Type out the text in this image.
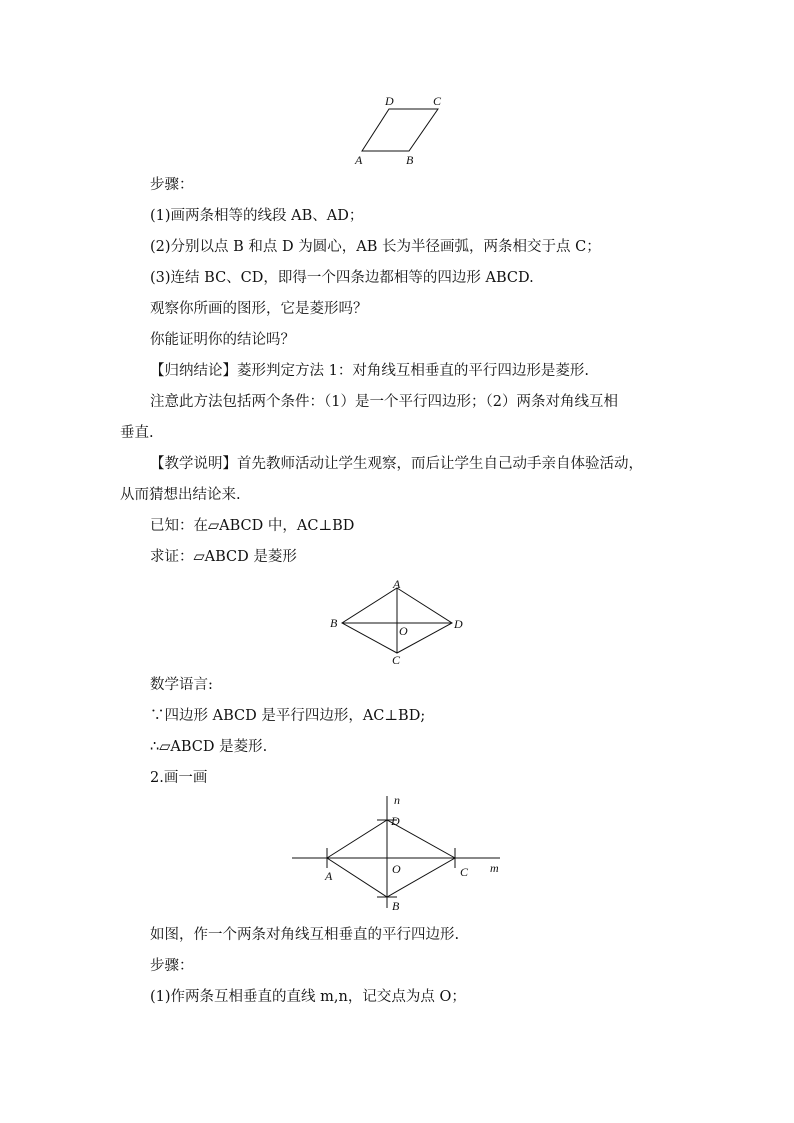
D	C
A	B
步骤：
(1)画两条相等的线段 AB、AD；
(2)分别以点 B 和点 D 为圆心，AB 长为半径画弧，两条相交于点 C；
(3)连结 BC、CD，即得一个四条边都相等的四边形 ABCD.
观察你所画的图形，它是菱形吗？
你能证明你的结论吗？
【归纳结论】菱形判定方法 1：对角线互相垂直的平行四边形是菱形.
注意此方法包括两个条件：（1）是一个平行四边形；（2）两条对角线互相
垂直.
【教学说明】首先教师活动让学生观察，而后让学生自己动手亲自体验活动，
从而猜想出结论来.
已知：在▱ABCD 中，AC⊥BD
求证：▱ABCD 是菱形
A
B	D
O
C
数学语言:
∵四边形 ABCD 是平行四边形，AC⊥BD;
∴▱ABCD 是菱形.
2.画一画
n
D
O
A	C m
B
如图，作一个两条对角线互相垂直的平行四边形.
步骤：
(1)作两条互相垂直的直线 m,n，记交点为点 O；
